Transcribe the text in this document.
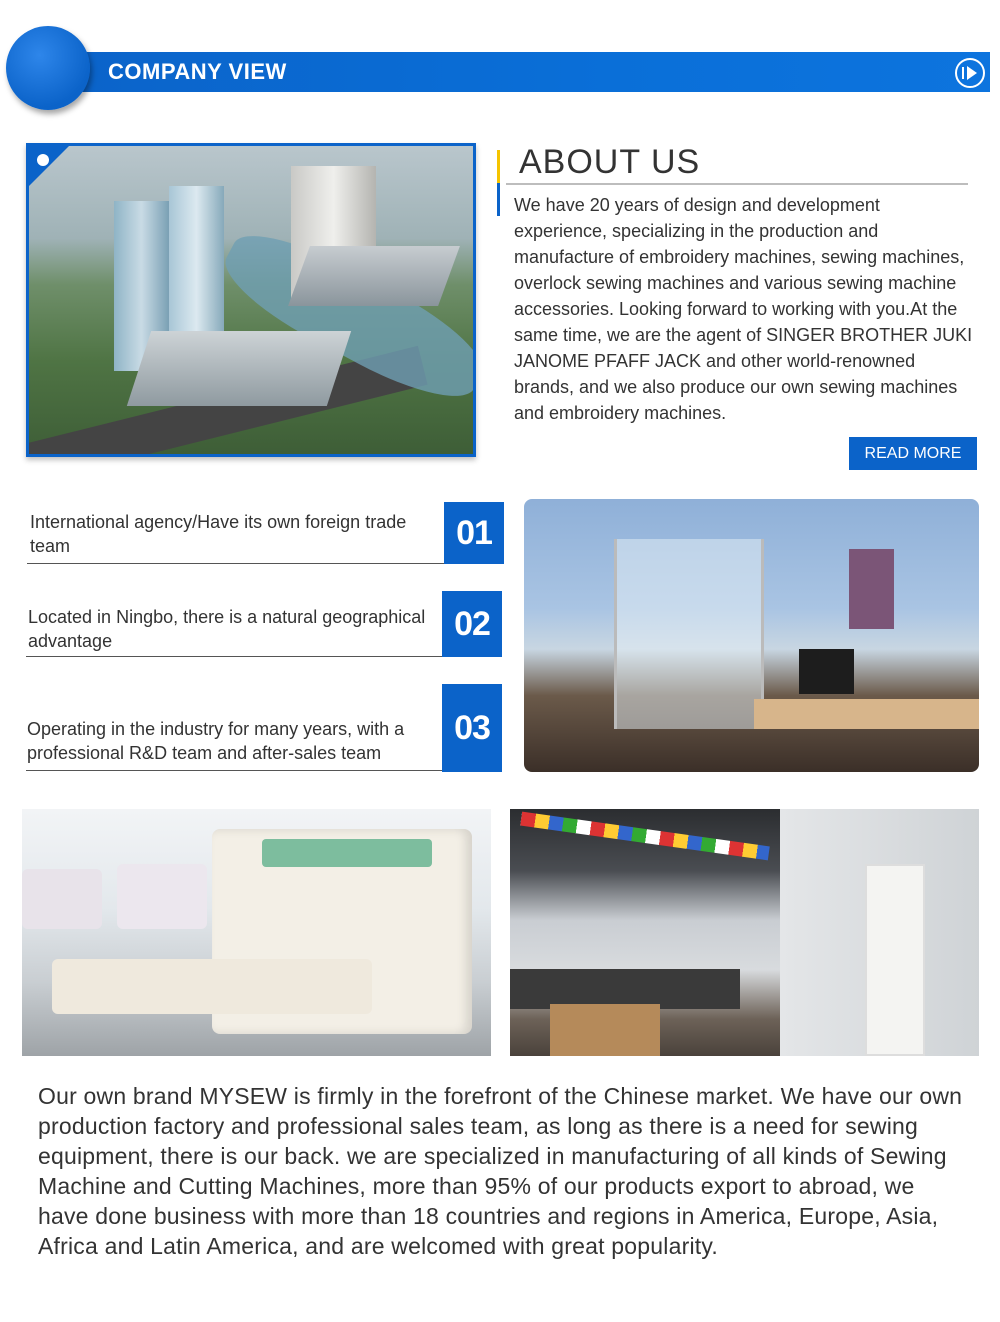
COMPANY VIEW
ABOUT US
We have 20 years of design and development experience, specializing in the production and manufacture of embroidery machines, sewing machines, overlock sewing machines and various sewing machine accessories. Looking forward to working with you.At the same time, we are the agent of SINGER BROTHER JUKI JANOME PFAFF JACK and other world-renowned brands, and we also produce our own sewing machines and embroidery machines.
READ MORE
International agency/Have its own foreign trade team	01
Located in Ningbo, there is a natural geographical advantage	02
Operating in the industry for many years, with a professional R&D team and after-sales team
03
Our own brand MYSEW is firmly in the forefront of the Chinese market. We have our own production factory and professional sales team, as long as there is a need for sewing equipment, there is our back. we are specialized in manufacturing of all kinds of Sewing Machine and Cutting Machines, more than 95% of our products export to abroad, we have done business with more than 18 countries and regions in America, Europe, Asia, Africa and Latin America, and are welcomed with great popularity.
